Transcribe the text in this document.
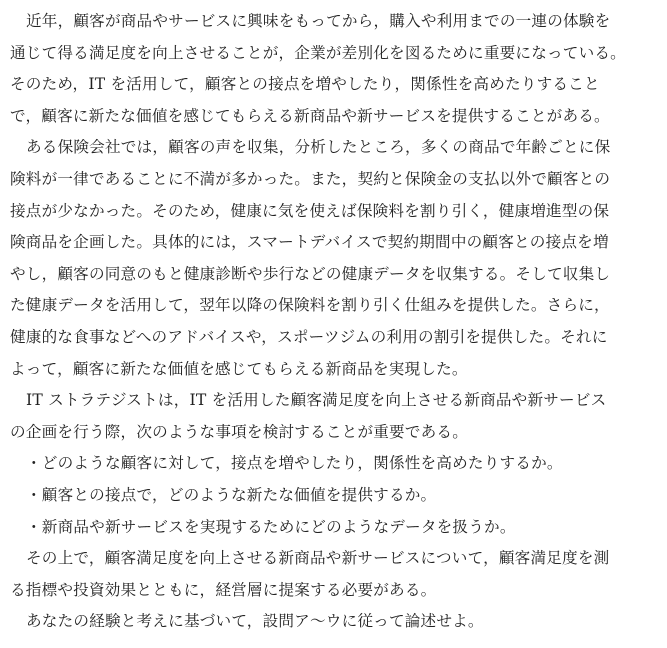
近年，顧客が商品やサービスに興味をもってから，購入や利用までの一連の体験を
通じて得る満足度を向上させることが，企業が差別化を図るために重要になっている。
そのため，IT を活用して，顧客との接点を増やしたり，関係性を高めたりすること
で，顧客に新たな価値を感じてもらえる新商品や新サービスを提供することがある。
ある保険会社では，顧客の声を収集，分析したところ，多くの商品で年齢ごとに保
険料が一律であることに不満が多かった。また，契約と保険金の支払以外で顧客との
接点が少なかった。そのため，健康に気を使えば保険料を割り引く，健康増進型の保
険商品を企画した。具体的には，スマートデバイスで契約期間中の顧客との接点を増
やし，顧客の同意のもと健康診断や歩行などの健康データを収集する。そして収集し
た健康データを活用して，翌年以降の保険料を割り引く仕組みを提供した。さらに，
健康的な食事などへのアドバイスや，スポーツジムの利用の割引を提供した。それに
よって，顧客に新たな価値を感じてもらえる新商品を実現した。
IT ストラテジストは，IT を活用した顧客満足度を向上させる新商品や新サービス
の企画を行う際，次のような事項を検討することが重要である。
・どのような顧客に対して，接点を増やしたり，関係性を高めたりするか。
・顧客との接点で，どのような新たな価値を提供するか。
・新商品や新サービスを実現するためにどのようなデータを扱うか。
その上で，顧客満足度を向上させる新商品や新サービスについて，顧客満足度を測
る指標や投資効果とともに，経営層に提案する必要がある。
あなたの経験と考えに基づいて，設問ア～ウに従って論述せよ。
